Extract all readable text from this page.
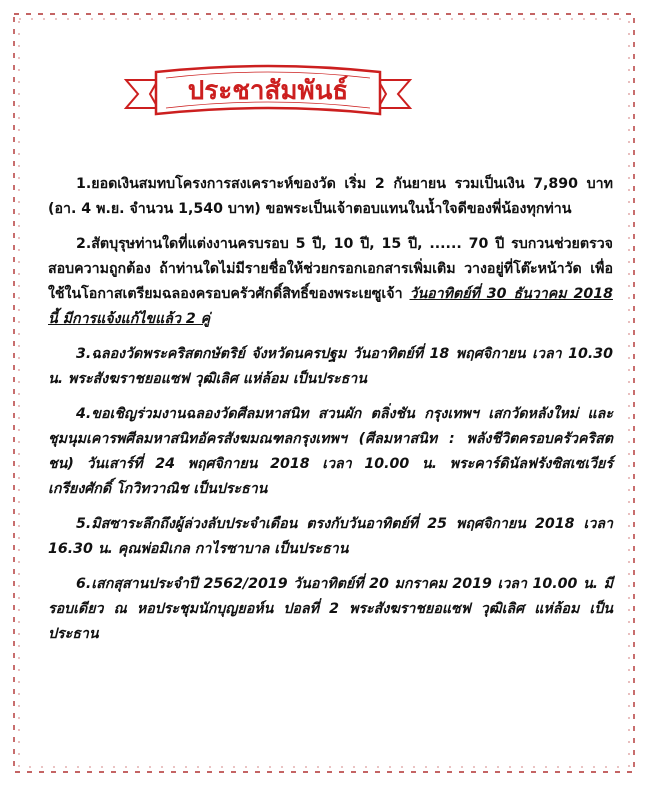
ประชาสัมพันธ์

1.ยอดเงินสมทบโครงการสงเคราะห์ของวัด เริ่ม 2 กันยายน รวมเป็นเงิน 7,890 บาท (อา. 4 พ.ย. จำนวน 1,540 บาท) ขอพระเป็นเจ้าตอบแทนในน้ำใจดีของพี่น้องทุกท่าน

2.สัตบุรุษท่านใดที่แต่งงานครบรอบ 5 ปี, 10 ปี, 15 ปี, ...... 70 ปี รบกวนช่วยตรวจสอบความถูกต้อง ถ้าท่านใดไม่มีรายชื่อให้ช่วยกรอกเอกสารเพิ่มเติม วางอยู่ที่โต๊ะหน้าวัด เพื่อใช้ในโอกาสเตรียมฉลองครอบครัวศักดิ์สิทธิ์ของพระเยซูเจ้า วันอาทิตย์ที่ 30 ธันวาคม 2018 นี้ มีการแจ้งแก้ไขแล้ว 2 คู่

3.ฉลองวัดพระคริสตกษัตริย์ จังหวัดนครปฐม วันอาทิตย์ที่ 18 พฤศจิกายน เวลา 10.30 น. พระสังฆราชยอแซฟ วุฒิเลิศ แห่ล้อม เป็นประธาน

4.ขอเชิญร่วมงานฉลองวัดศีลมหาสนิท สวนผัก ตลิ่งชัน กรุงเทพฯ เสกวัดหลังใหม่ และชุมนุมเคารพศีลมหาสนิทอัครสังฆมณฑลกรุงเทพฯ (ศีลมหาสนิท : พลังชีวิตครอบครัวคริสตชน) วันเสาร์ที่ 24 พฤศจิกายน 2018 เวลา 10.00 น. พระคาร์ดินัลฟรังซิสเซเวียร์ เกรียงศักดิ์ โกวิทวาณิช เป็นประธาน

5.มิสซาระลึกถึงผู้ล่วงลับประจำเดือน ตรงกับวันอาทิตย์ที่ 25 พฤศจิกายน 2018 เวลา 16.30 น. คุณพ่อมิเกล กาไรซาบาล เป็นประธาน

6.เสกสุสานประจำปี 2562/2019 วันอาทิตย์ที่ 20 มกราคม 2019 เวลา 10.00 น. มีรอบเดียว ณ หอประชุมนักบุญยอห์น ปอลที่ 2 พระสังฆราชยอแซฟ วุฒิเลิศ แห่ล้อม เป็นประธาน
